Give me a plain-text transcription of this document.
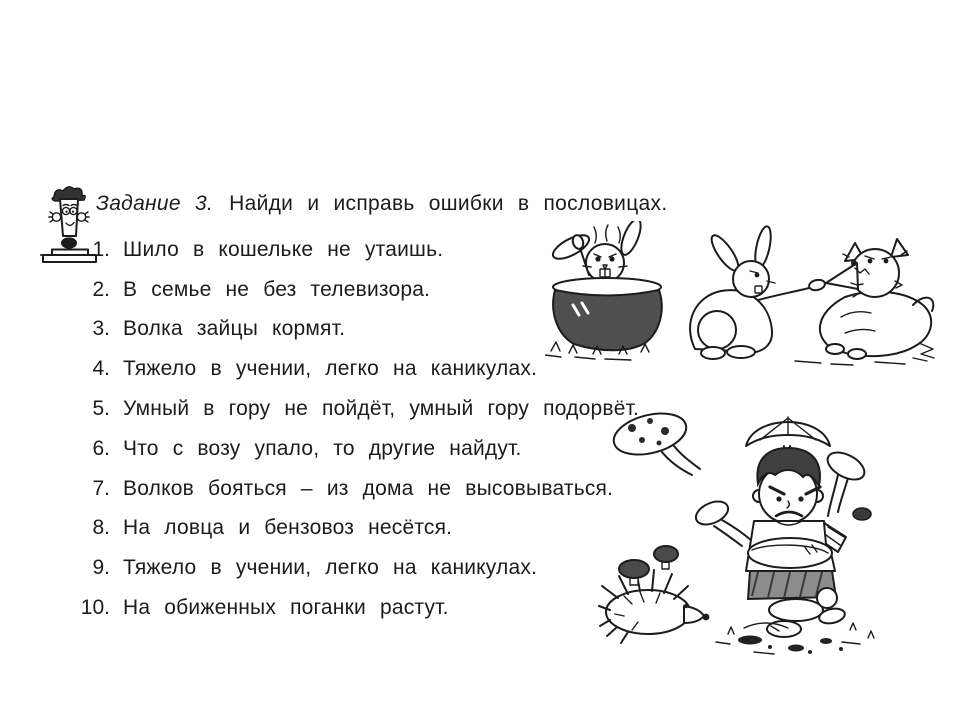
Задание 3. Найди и исправь ошибки в пословицах.
1. Шило в кошельке не утаишь.
2. В семье не без телевизора.
3. Волка зайцы кормят.
4. Тяжело в учении, легко на каникулах.
5. Умный в гору не пойдёт, умный гору подорвёт.
6. Что с возу упало, то другие найдут.
7. Волков бояться – из дома не высовываться.
8. На ловца и бензовоз несётся.
9. Тяжело в учении, легко на каникулах.
10. На обиженных поганки растут.
